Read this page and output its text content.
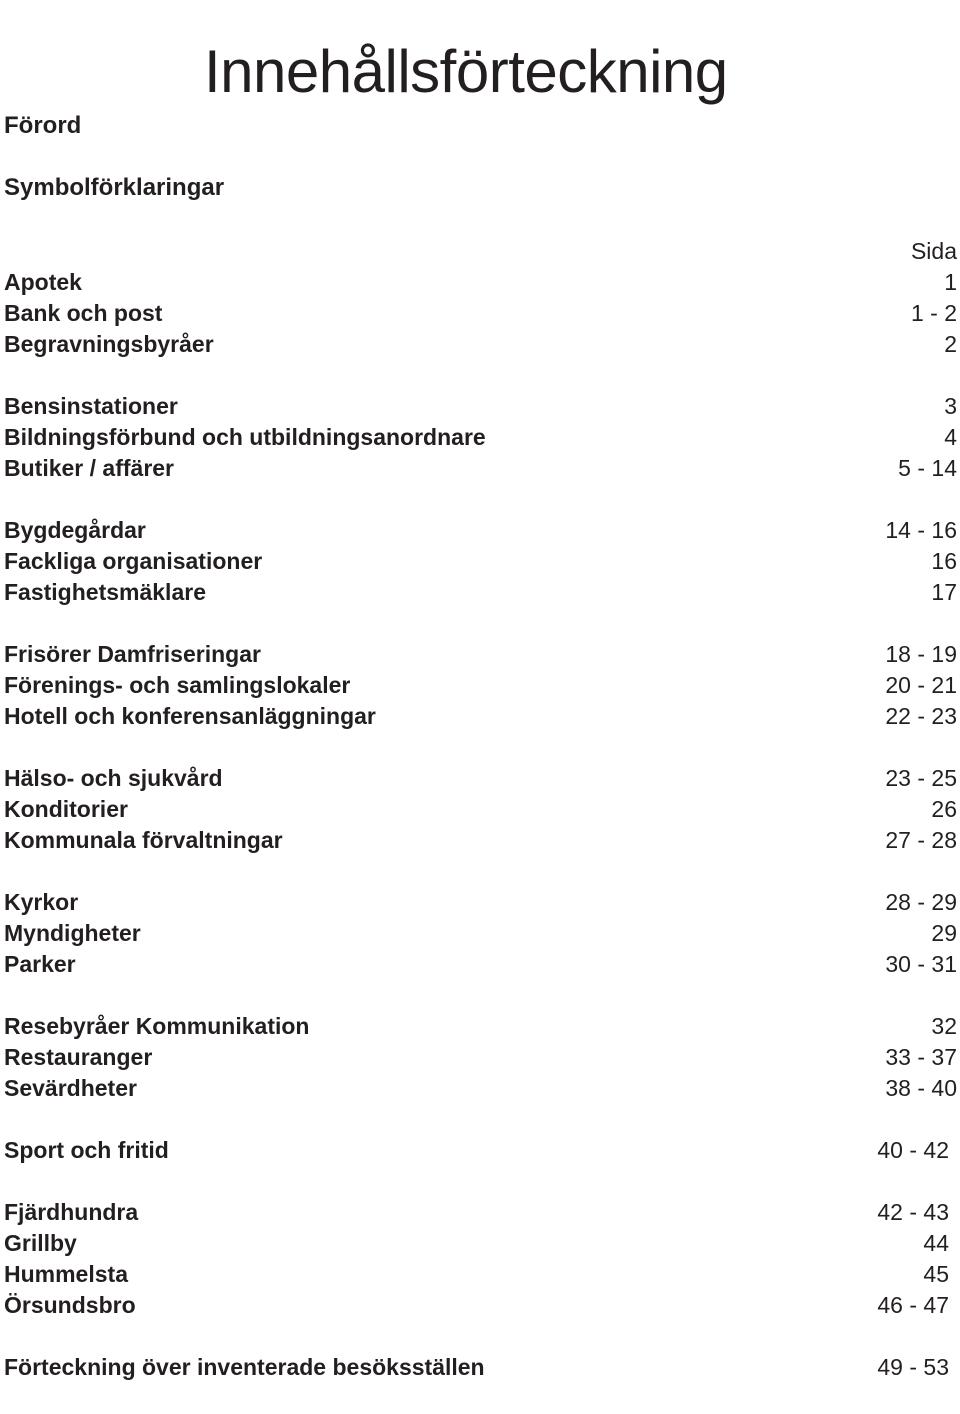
Innehållsförteckning
Förord
Symbolförklaringar
Sida
Apotek	1
Bank och post	1 - 2
Begravningsbyråer	2
Bensinstationer	3
Bildningsförbund och utbildningsanordnare	4
Butiker / affärer	5 - 14
Bygdegårdar	14 - 16
Fackliga organisationer	16
Fastighetsmäklare	17
Frisörer Damfriseringar	18 - 19
Förenings- och samlingslokaler	20 - 21
Hotell och konferensanläggningar	22 - 23
Hälso- och sjukvård	23 - 25
Konditorier	26
Kommunala förvaltningar	27 - 28
Kyrkor	28 - 29
Myndigheter	29
Parker	30 - 31
Resebyråer Kommunikation	32
Restauranger	33 - 37
Sevärdheter	38 - 40
Sport och fritid	40 - 42
Fjärdhundra	42 - 43
Grillby	44
Hummelsta	45
Örsundsbro	46 - 47
Förteckning över inventerade besöksställen	49 - 53
